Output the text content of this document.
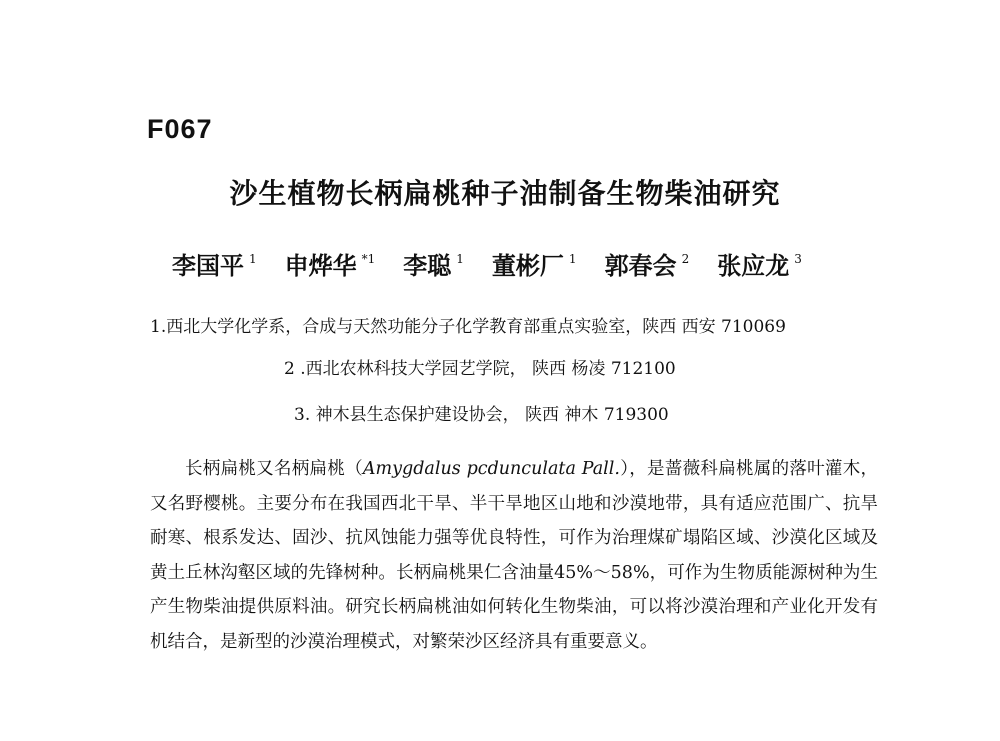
F067
沙生植物长柄扁桃种子油制备生物柴油研究
李国平 $^1$ 申烨华 $^{*1}$ 李聪 $^1$ 董彬厂 $^1$ 郭春会 $^2$ 张应龙 $^3$
1.西北大学化学系，合成与天然功能分子化学教育部重点实验室，陕西 西安 710069
2 .西北农林科技大学园艺学院， 陕西 杨凌 712100
3. 神木县生态保护建设协会， 陕西 神木 719300

长柄扁桃又名柄扁桃（Amygdalus pcdunculata Pall.），是蔷薇科扁桃属的落叶灌木，又名野樱桃。主要分布在我国西北干旱、半干旱地区山地和沙漠地带，具有适应范围广、抗旱耐寒、根系发达、固沙、抗风蚀能力强等优良特性，可作为治理煤矿塌陷区域、沙漠化区域及黄土丘林沟壑区域的先锋树种。长柄扁桃果仁含油量45%～58%，可作为生物质能源树种为生产生物柴油提供原料油。研究长柄扁桃油如何转化生物柴油，可以将沙漠治理和产业化开发有机结合，是新型的沙漠治理模式，对繁荣沙区经济具有重要意义。
